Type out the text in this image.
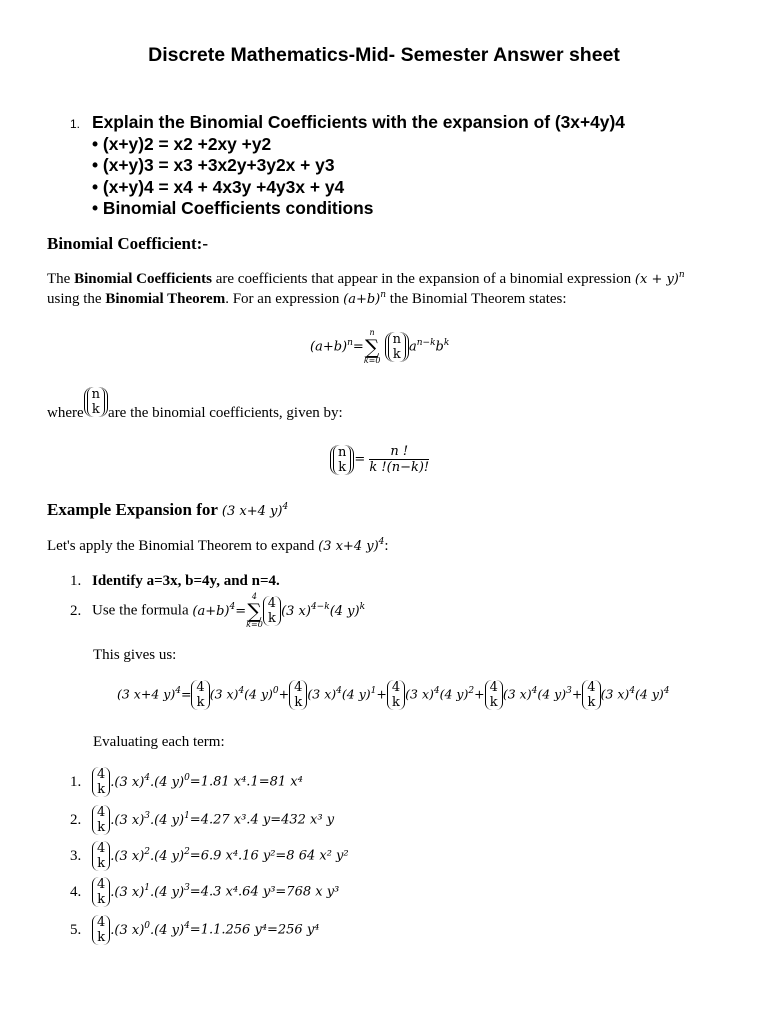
Discrete Mathematics-Mid- Semester Answer sheet
1. Explain the Binomial Coefficients with the expansion of (3x+4y)4
• (x+y)2 = x2 +2xy +y2
• (x+y)3 = x3 +3x2y+3y2x + y3
• (x+y)4 = x4 + 4x3y +4y3x + y4
• Binomial Coefficients conditions
Binomial Coefficient:-
The Binomial Coefficients are coefficients that appear in the expansion of a binomial expression $(x + y)^n$
using the Binomial Theorem. For an expression $(a+b)^n$ the Binomial Theorem states:
$(a+b)^n=$
n
∑
k=0

n
k $a^{n-k}b^k$
where
n
k are the binomial coefficients, given by:
n
$k = \frac{n !}{k !(n-k)!}$
Example Expansion for (3 x+4 y)$^4$
Let's apply the Binomial Theorem to expand (3 x+4 y)$^4$:
1. Identify a=3x, b=4y, and n=4.
2. Use the formula $(a+b)^4=$
4
∑
k=0
4
k (3 x)$^{4-k}$(4 y)$^k$
This gives us:
(3 x+4 y)$^4$= 4
k
(3 x)$^4$(4 y)$^0$+ 4
k
(3 x)$^4$(4 y)$^1$+ 4
k
(3 x)$^4$(4 y)$^2$+ 4
k
(3 x)$^4$(4 y)$^3$+ 4
k
(3 x)$^4$(4 y)$^4$
Evaluating each term:
1. 4
k .(3 x)$^4$.(4 y)$^0$=1.81 x⁴.1=81 x⁴
2. 4
k .(3 x)$^3$.(4 y)$^1$=4.27 x³.4 y=432 x³ y
3. 4
k .(3 x)$^2$.(4 y)$^2$=6.9 x⁴.16 y²=8 64 x² y²
4. 4
k .(3 x)$^1$.(4 y)$^3$=4.3 x⁴.64 y³=768 x y³
5. 4
k .(3 x)$^0$.(4 y)$^4$=1.1.256 y⁴=256 y⁴
